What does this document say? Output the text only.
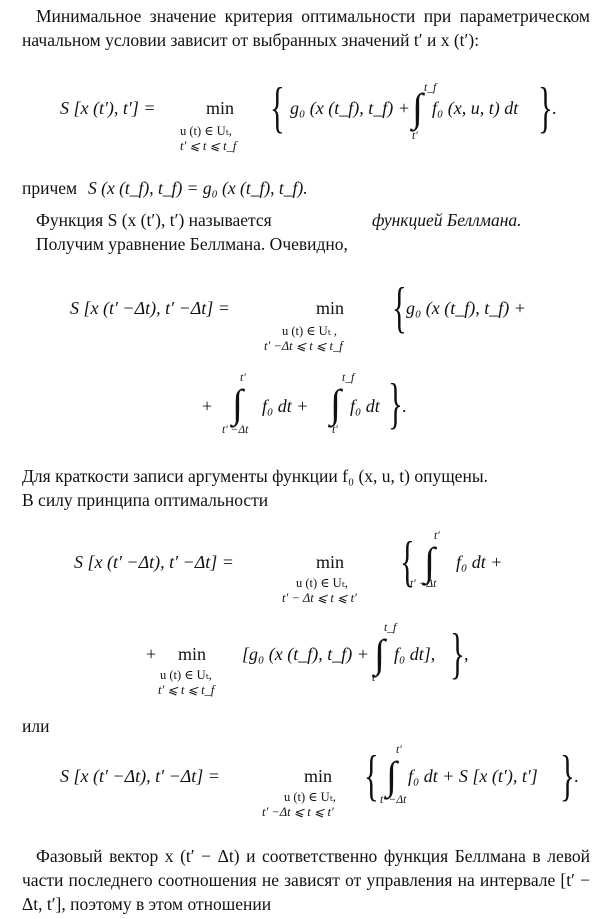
Минимальное значение критерия оптимальности при параметрическом начальном условии зависит от выбранных значений t′ и x (t′):
S [x (t′), t′] =	min
u (t) ∈ Uₜ,
t′ ⩽ t ⩽ t_f
{ g₀ (x (t_f), t_f) +
t_f
∫
t′
f₀ (x, u, t) dt } .
причем S (x (t_f), t_f) = g₀ (x (t_f), t_f).
Функция S (x (t′), t′) называется	функцией Беллмана.
Получим уравнение Беллмана. Очевидно,
S [x (t′ −Δt), t′ −Δt] =	min
u (t) ∈ Uₜ ,
t′ −Δt ⩽ t ⩽ t_f
{ g₀ (x (t_f), t_f) +
+
t′
∫
t′ −Δt
f₀ dt +
t_f
∫
t′
f₀ dt } .
Для краткости записи аргументы функции f₀ (x, u, t) опущены.
В силу принципа оптимальности
S [x (t′ −Δt), t′ −Δt] =	min
u (t) ∈ Uₜ,
t′ − Δt ⩽ t ⩽ t′
{ t′
∫
t′ −Δt
f₀ dt +
+ min
u (t) ∈ Uₜ,
t′ ⩽ t ⩽ t_f
[g₀ (x (t_f), t_f) +
t_f
∫
t′
f₀ dt], } ,
или
S [x (t′ −Δt), t′ −Δt] =	min
u (t) ∈ Uₜ,
t′ −Δt ⩽ t ⩽ t′
{ t′
∫
t′ −Δt
f₀ dt + S [x (t′), t′] } .
Фазовый вектор x (t′ − Δt) и соответственно функция Беллмана в левой части последнего соотношения не зависят от управления на интервале [t′ − Δt, t′], поэтому в этом отношении
